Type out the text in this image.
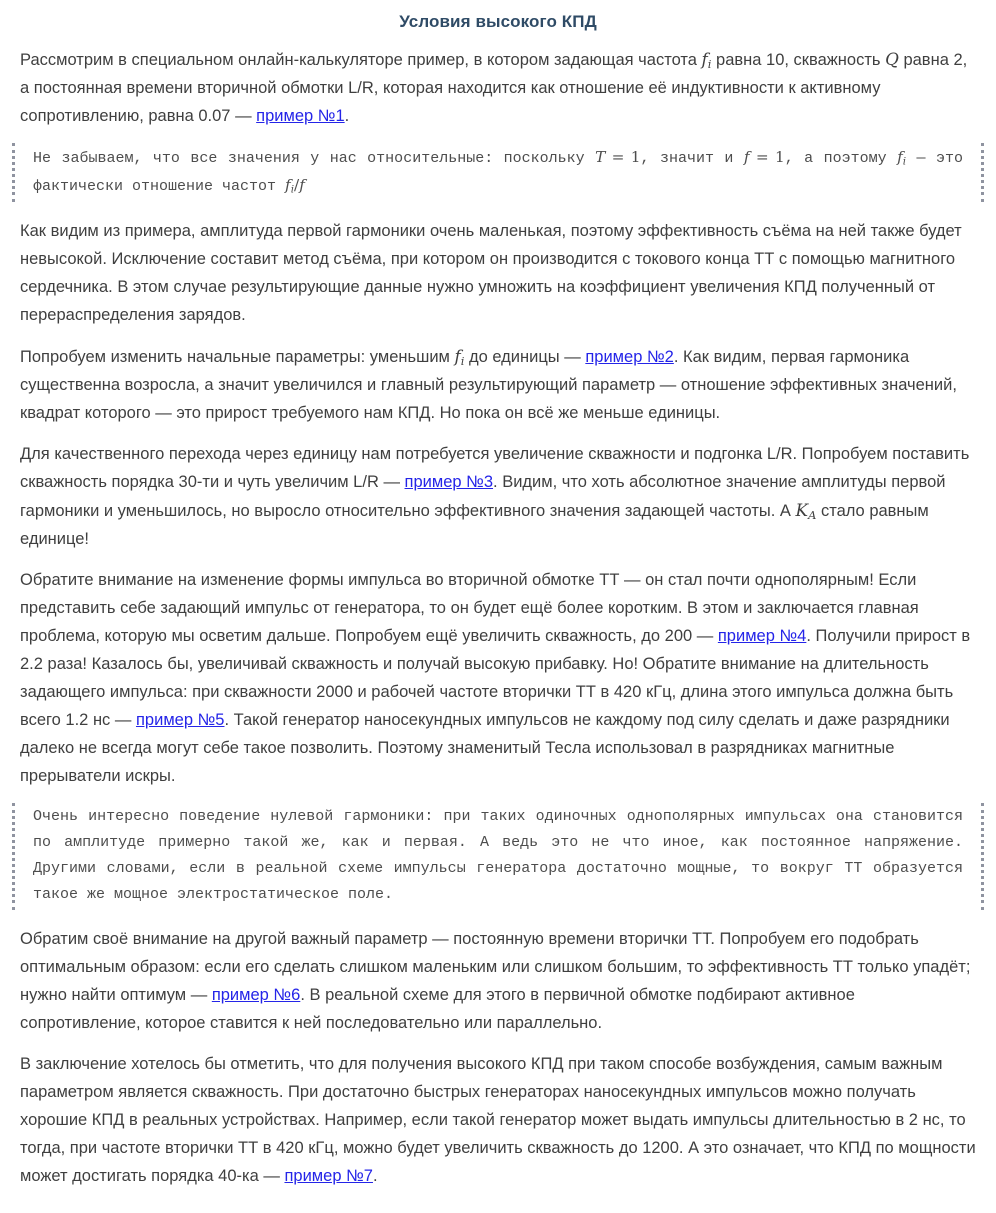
Условия высокого КПД

Рассмотрим в специальном онлайн-калькуляторе пример, в котором задающая частота $f_i$ равна 10, скважность Q равна 2, а постоянная времени вторичной обмотки L/R, которая находится как отношение её индуктивности к активному сопротивлению, равна 0.07 — пример №1.

Не забываем, что все значения у нас относительные: поскольку T = 1, значит и f = 1, а поэтому $f_i$ — это фактически отношение частот $f_i/f$

Как видим из примера, амплитуда первой гармоники очень маленькая, поэтому эффективность съёма на ней также будет невысокой. Исключение составит метод съёма, при котором он производится с токового конца ТТ с помощью магнитного сердечника. В этом случае результирующие данные нужно умножить на коэффициент увеличения КПД полученный от перераспределения зарядов.

Попробуем изменить начальные параметры: уменьшим $f_i$ до единицы — пример №2. Как видим, первая гармоника существенна возросла, а значит увеличился и главный результирующий параметр — отношение эффективных значений, квадрат которого — это прирост требуемого нам КПД. Но пока он всё же меньше единицы.

Для качественного перехода через единицу нам потребуется увеличение скважности и подгонка L/R. Попробуем поставить скважность порядка 30-ти и чуть увеличим L/R — пример №3. Видим, что хоть абсолютное значение амплитуды первой гармоники и уменьшилось, но выросло относительно эффективного значения задающей частоты. А $K_A$ стало равным единице!

Обратите внимание на изменение формы импульса во вторичной обмотке ТТ — он стал почти однополярным! Если представить себе задающий импульс от генератора, то он будет ещё более коротким. В этом и заключается главная проблема, которую мы осветим дальше. Попробуем ещё увеличить скважность, до 200 — пример №4. Получили прирост в 2.2 раза! Казалось бы, увеличивай скважность и получай высокую прибавку. Но! Обратите внимание на длительность задающего импульса: при скважности 2000 и рабочей частоте вторички ТТ в 420 кГц, длина этого импульса должна быть всего 1.2 нс — пример №5. Такой генератор наносекундных импульсов не каждому под силу сделать и даже разрядники далеко не всегда могут себе такое позволить. Поэтому знаменитый Тесла использовал в разрядниках магнитные прерыватели искры.

Очень интересно поведение нулевой гармоники: при таких одиночных однополярных импульсах она становится по амплитуде примерно такой же, как и первая. А ведь это не что иное, как постоянное напряжение. Другими словами, если в реальной схеме импульсы генератора достаточно мощные, то вокруг ТТ образуется такое же мощное электростатическое поле.

Обратим своё внимание на другой важный параметр — постоянную времени вторички ТТ. Попробуем его подобрать оптимальным образом: если его сделать слишком маленьким или слишком большим, то эффективность ТТ только упадёт; нужно найти оптимум — пример №6. В реальной схеме для этого в первичной обмотке подбирают активное сопротивление, которое ставится к ней последовательно или параллельно.

В заключение хотелось бы отметить, что для получения высокого КПД при таком способе возбуждения, самым важным параметром является скважность. При достаточно быстрых генераторах наносекундных импульсов можно получать хорошие КПД в реальных устройствах. Например, если такой генератор может выдать импульсы длительностью в 2 нс, то тогда, при частоте вторички ТТ в 420 кГц, можно будет увеличить скважность до 1200. А это означает, что КПД по мощности может достигать порядка 40-ка — пример №7.
